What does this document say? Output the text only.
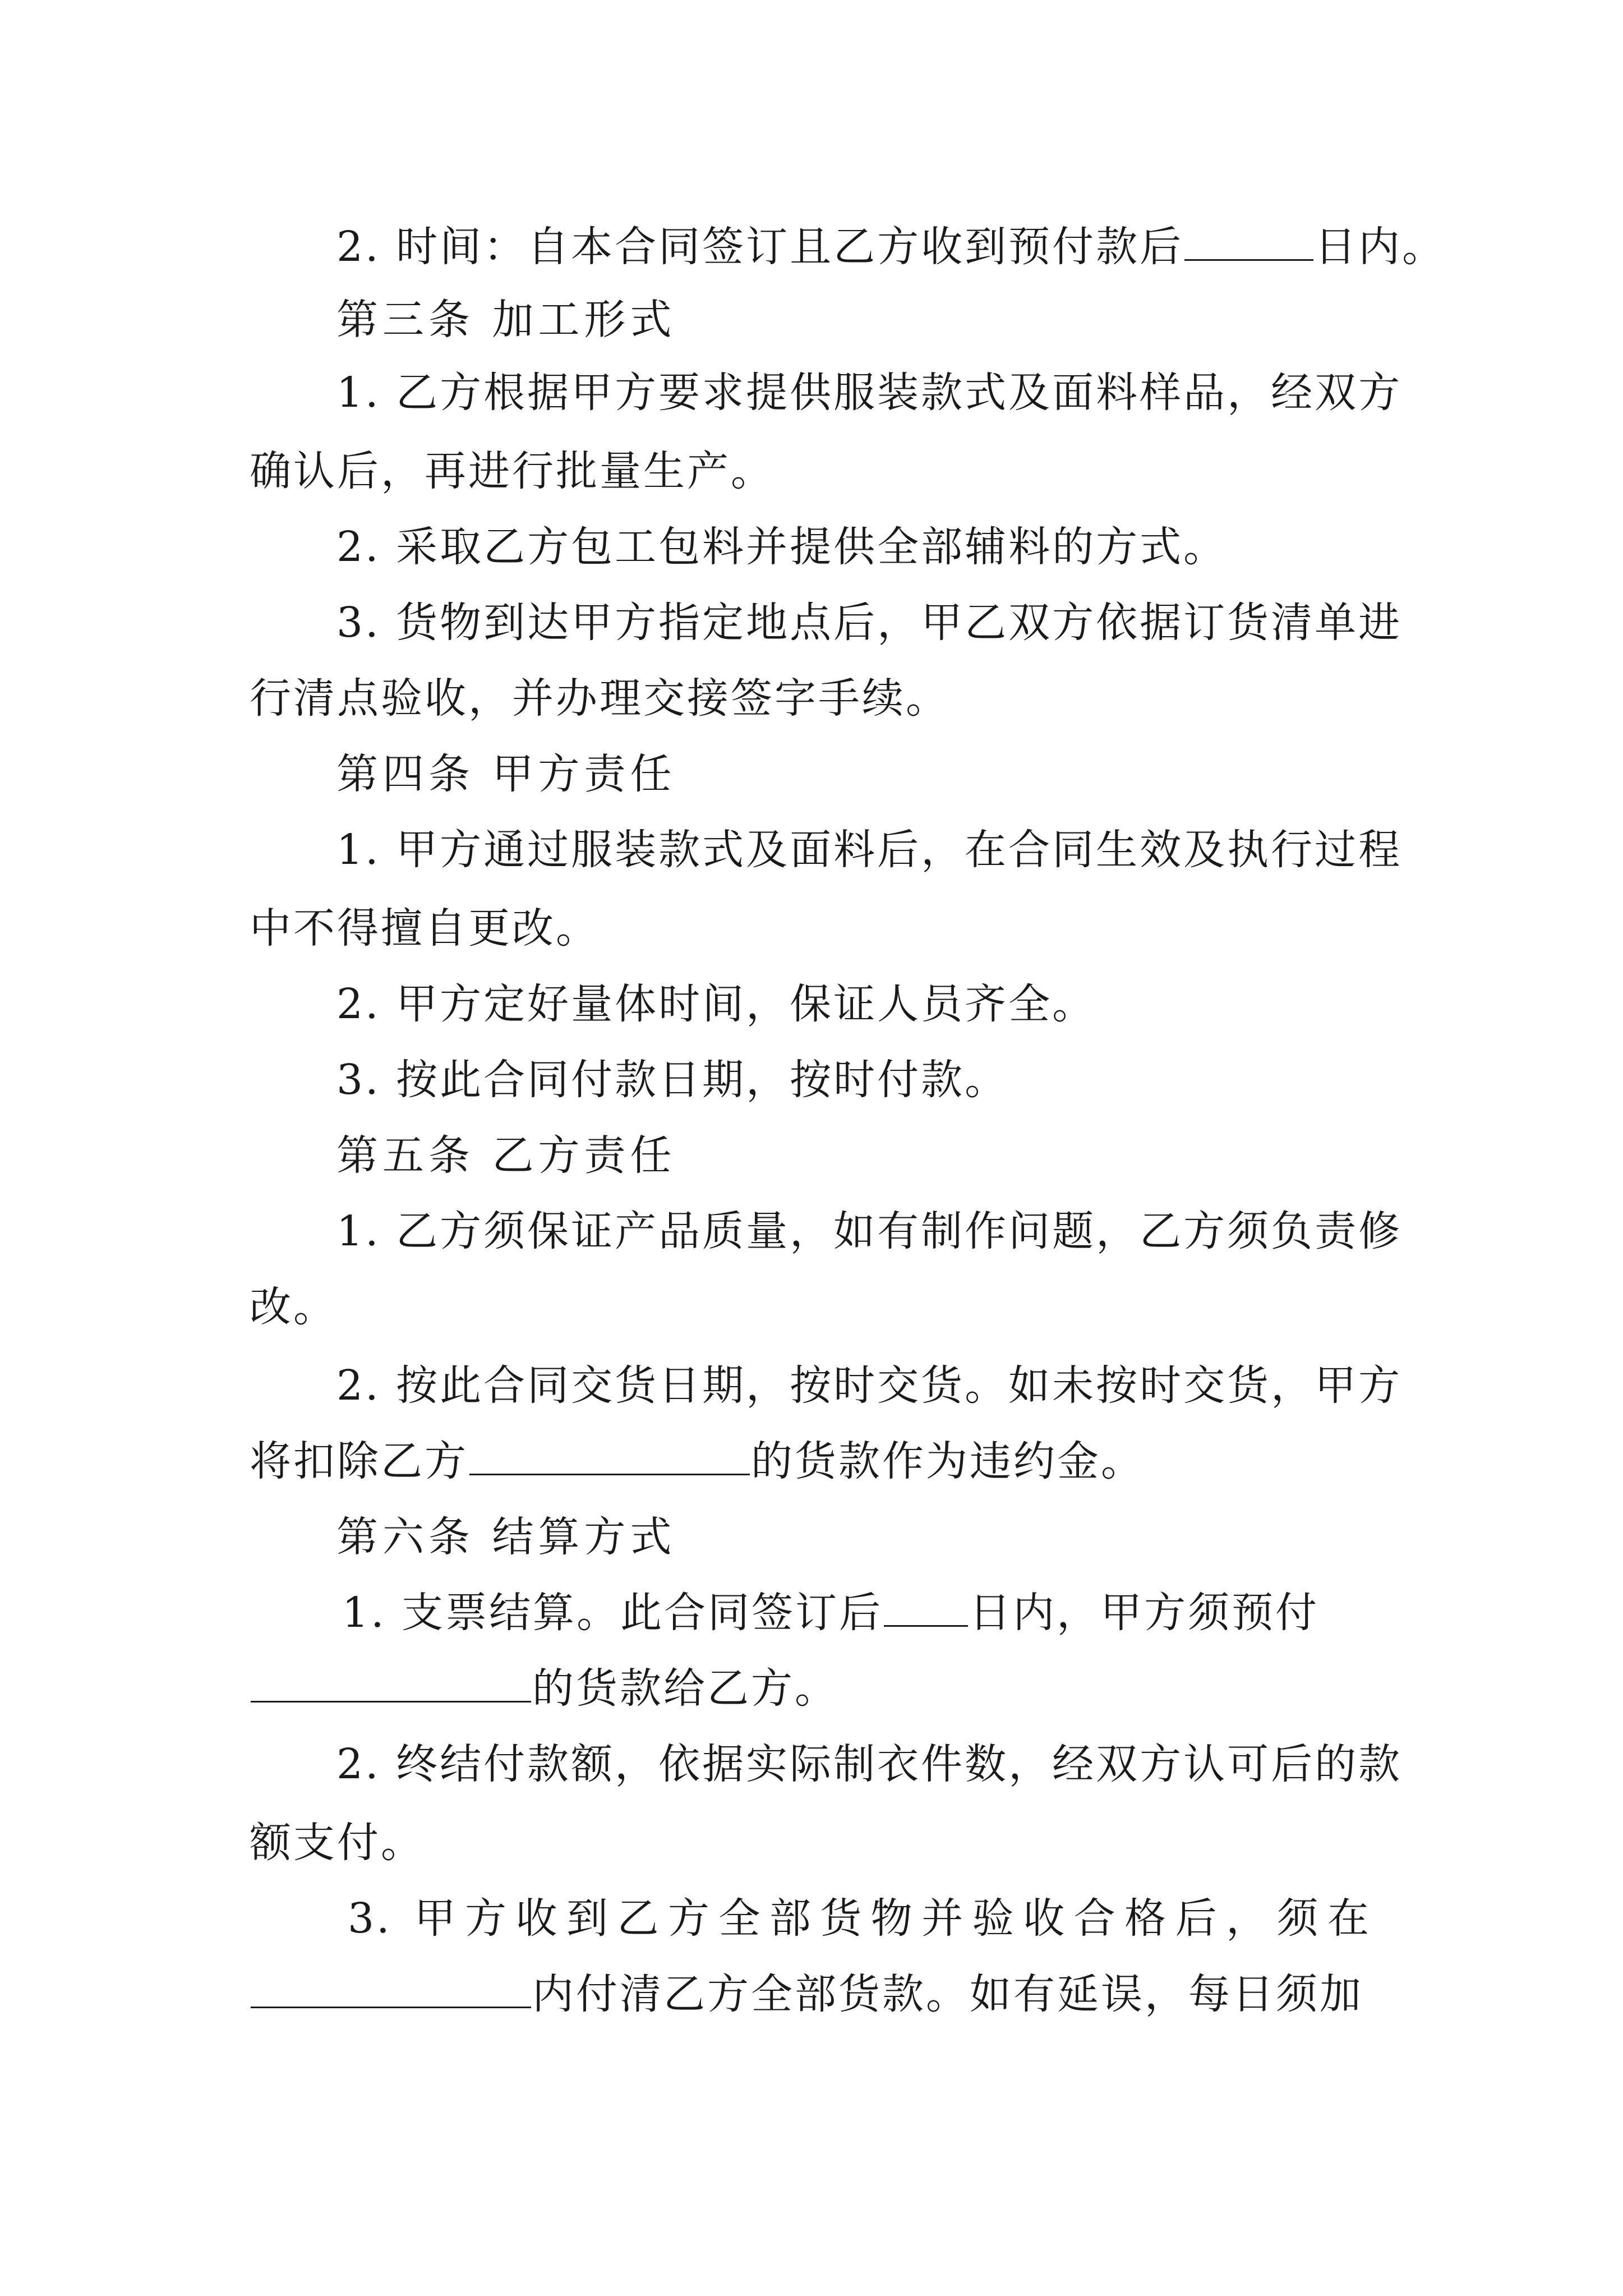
2. 时间：自本合同签订且乙方收到预付款后	日内。
第三条 加工形式
1. 乙方根据甲方要求提供服装款式及面料样品，经双方
确认后，再进行批量生产。
2. 采取乙方包工包料并提供全部辅料的方式。
3. 货物到达甲方指定地点后，甲乙双方依据订货清单进
行清点验收，并办理交接签字手续。
第四条 甲方责任
1. 甲方通过服装款式及面料后，在合同生效及执行过程
中不得擅自更改。
2. 甲方定好量体时间，保证人员齐全。
3. 按此合同付款日期，按时付款。
第五条 乙方责任
1. 乙方须保证产品质量，如有制作问题，乙方须负责修
改。
2. 按此合同交货日期，按时交货。如未按时交货，甲方
将扣除乙方	的货款作为违约金。
第六条 结算方式
1. 支票结算。此合同签订后 日内，甲方须预付
的货款给乙方。
2. 终结付款额，依据实际制衣件数，经双方认可后的款
额支付。
3. 甲方收到乙方全部货物并验收合格后，须在
内付清乙方全部货款。如有延误，每日须加
